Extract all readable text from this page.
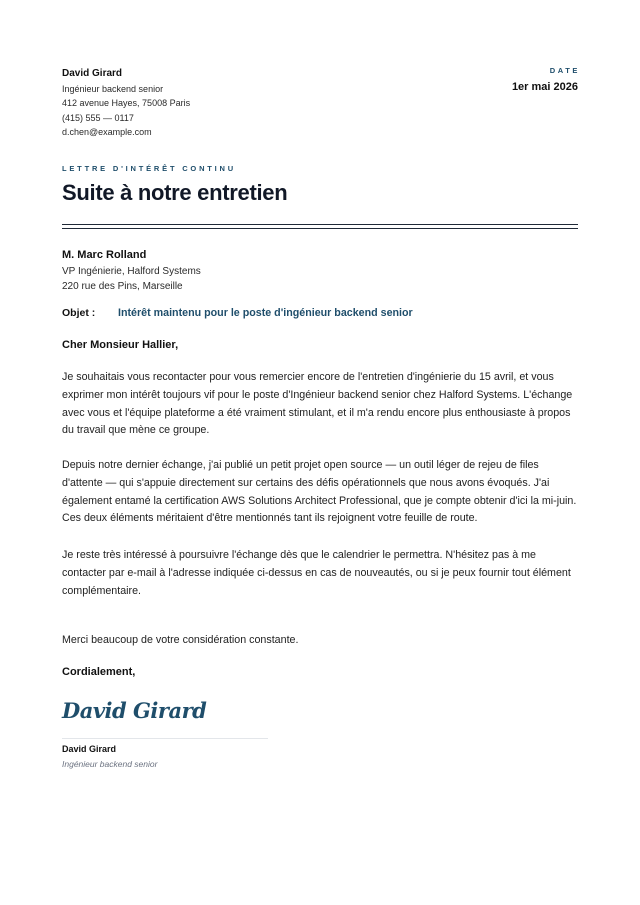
David Girard
Ingénieur backend senior
412 avenue Hayes, 75008 Paris
(415) 555 — 0117
d.chen@example.com
DATE
1er mai 2026
LETTRE D'INTÉRÊT CONTINU
Suite à notre entretien
M. Marc Rolland
VP Ingénierie, Halford Systems
220 rue des Pins, Marseille
Objet :	Intérêt maintenu pour le poste d'ingénieur backend senior
Cher Monsieur Hallier,

Je souhaitais vous recontacter pour vous remercier encore de l'entretien d'ingénierie du 15 avril, et vous exprimer mon intérêt toujours vif pour le poste d'Ingénieur backend senior chez Halford Systems. L'échange avec vous et l'équipe plateforme a été vraiment stimulant, et il m'a rendu encore plus enthousiaste à propos du travail que mène ce groupe.

Depuis notre dernier échange, j'ai publié un petit projet open source — un outil léger de rejeu de files d'attente — qui s'appuie directement sur certains des défis opérationnels que nous avons évoqués. J'ai également entamé la certification AWS Solutions Architect Professional, que je compte obtenir d'ici la mi-juin. Ces deux éléments méritaient d'être mentionnés tant ils rejoignent votre feuille de route.

Je reste très intéressé à poursuivre l'échange dès que le calendrier le permettra. N'hésitez pas à me contacter par e-mail à l'adresse indiquée ci-dessus en cas de nouveautés, ou si je peux fournir tout élément complémentaire.

Merci beaucoup de votre considération constante.
Cordialement,
David Girard
David Girard
Ingénieur backend senior
